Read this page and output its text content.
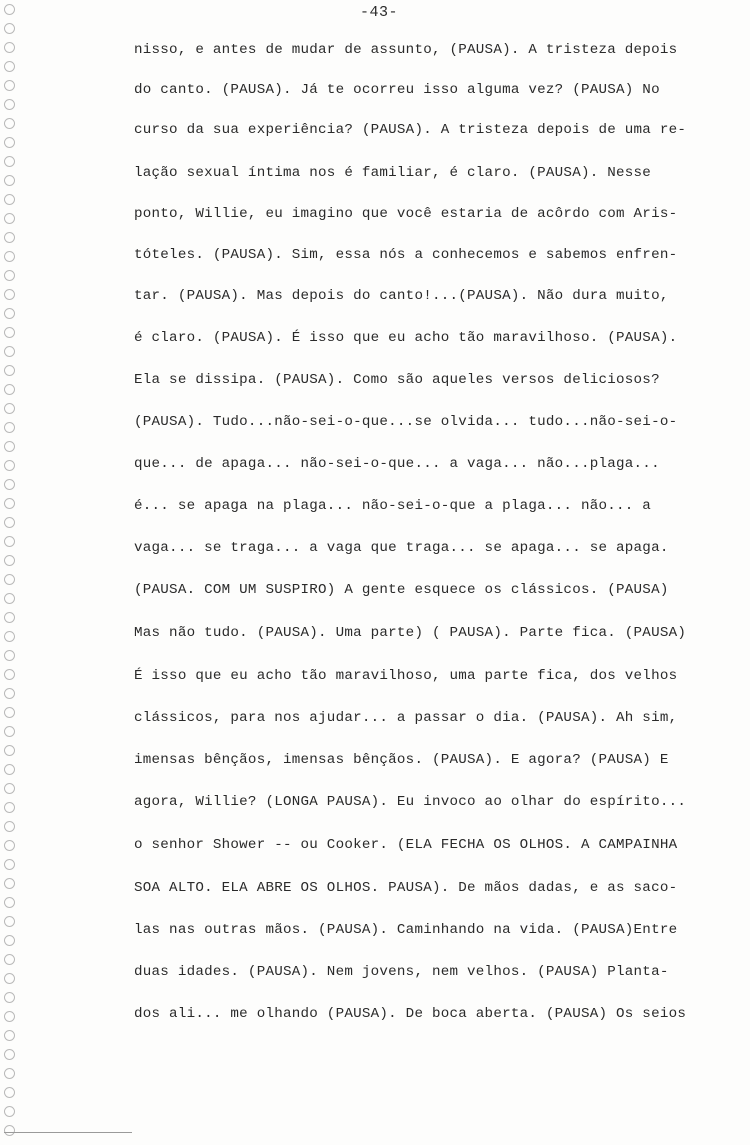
-43-
nisso, e antes de mudar de assunto, (PAUSA). A tristeza depois
do canto. (PAUSA). Já te ocorreu isso alguma vez? (PAUSA) No
curso da sua experiência? (PAUSA). A tristeza depois de uma re-
lação sexual íntima nos é familiar, é claro. (PAUSA). Nesse
ponto, Willie, eu imagino que você estaria de acôrdo com Aris-
tóteles. (PAUSA). Sim, essa nós a conhecemos e sabemos enfren-
tar. (PAUSA). Mas depois do canto!...(PAUSA). Não dura muito,
é claro. (PAUSA). É isso que eu acho tão maravilhoso. (PAUSA).
Ela se dissipa. (PAUSA). Como são aqueles versos deliciosos?
(PAUSA). Tudo...não-sei-o-que...se olvida... tudo...não-sei-o-
que... de apaga... não-sei-o-que... a vaga... não...plaga...
é... se apaga na plaga... não-sei-o-que a plaga... não... a
vaga... se traga... a vaga que traga... se apaga... se apaga.
(PAUSA. COM UM SUSPIRO) A gente esquece os clássicos. (PAUSA)
Mas não tudo. (PAUSA). Uma parte) ( PAUSA). Parte fica. (PAUSA)
É isso que eu acho tão maravilhoso, uma parte fica, dos velhos
clássicos, para nos ajudar... a passar o dia. (PAUSA). Ah sim,
imensas bênçãos, imensas bênçãos. (PAUSA). E agora? (PAUSA) E
agora, Willie? (LONGA PAUSA). Eu invoco ao olhar do espírito...
o senhor Shower -- ou Cooker. (ELA FECHA OS OLHOS. A CAMPAINHA
SOA ALTO. ELA ABRE OS OLHOS. PAUSA). De mãos dadas, e as saco-
las nas outras mãos. (PAUSA). Caminhando na vida. (PAUSA)Entre
duas idades. (PAUSA). Nem jovens, nem velhos. (PAUSA) Planta-
dos ali... me olhando (PAUSA). De boca aberta. (PAUSA) Os seios
